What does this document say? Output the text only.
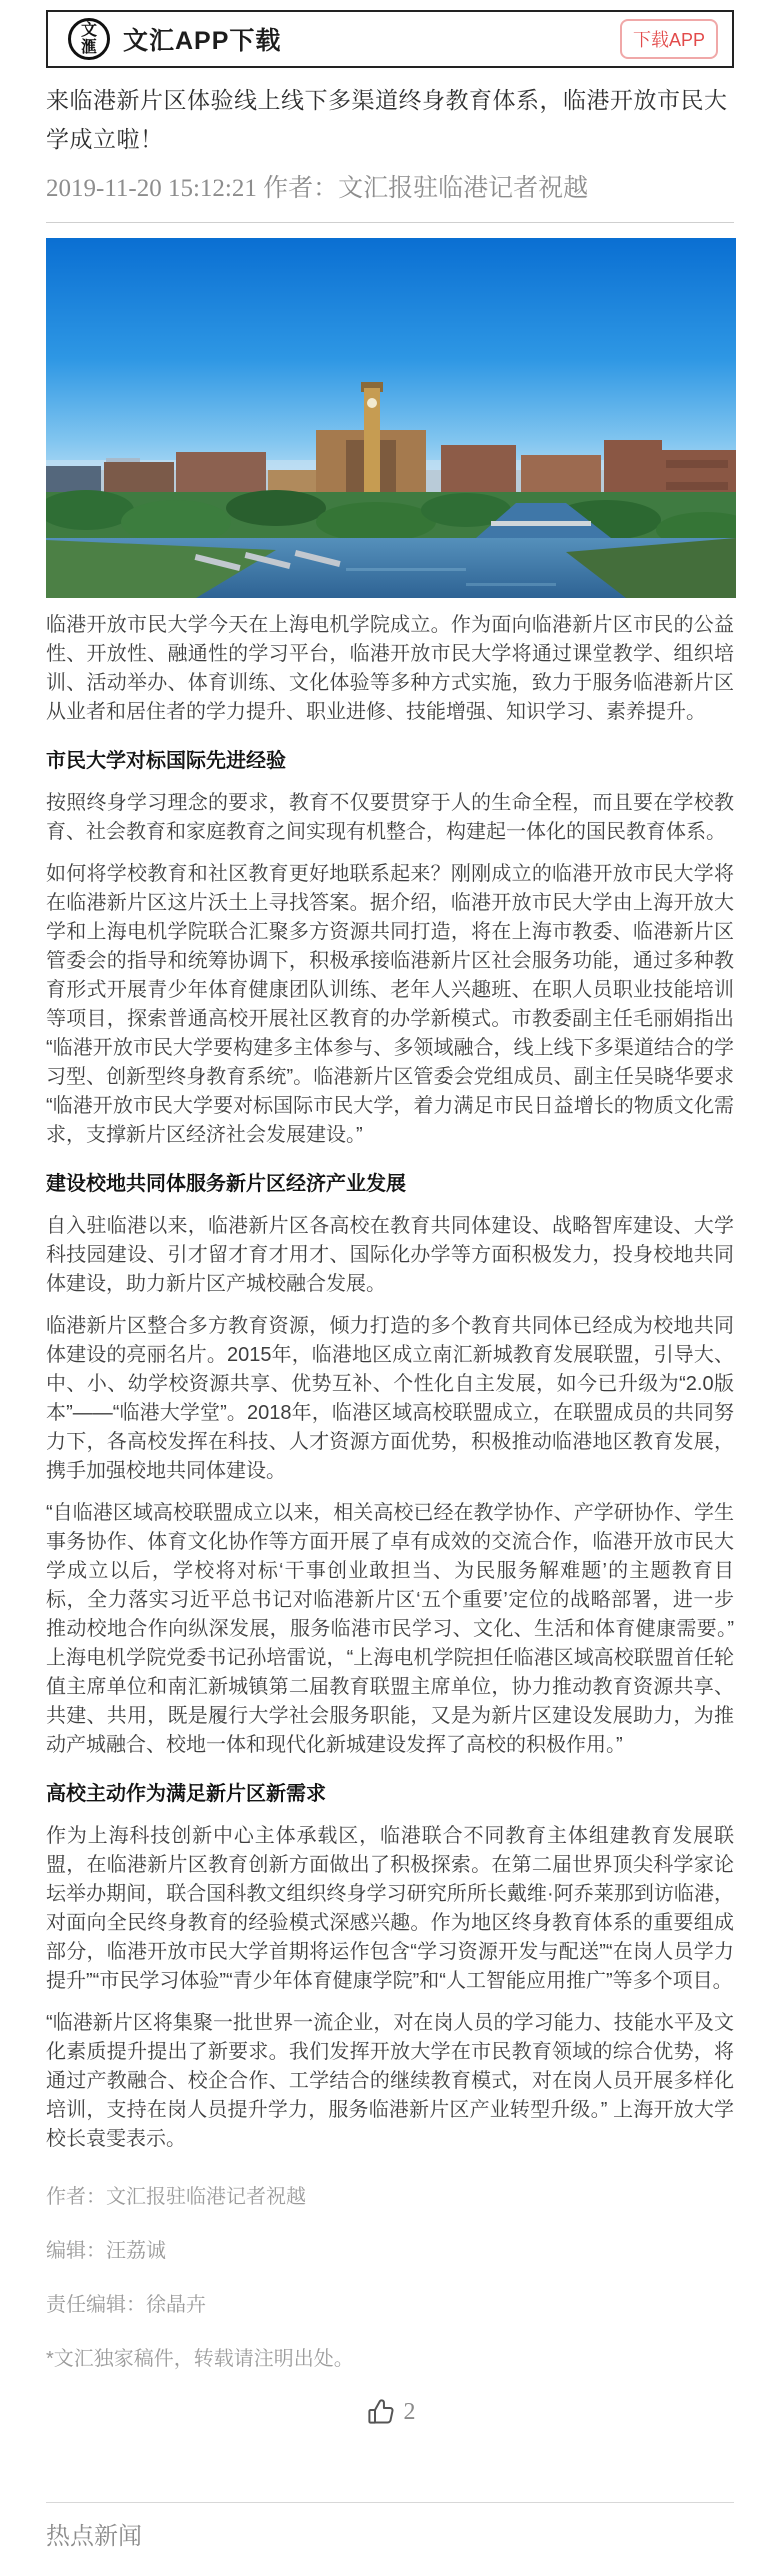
文
滙 文汇APP下载	下载APP
来临港新片区体验线上线下多渠道终身教育体系，临港开放市民大学成立啦！
2019-11-20 15:12:21 作者：文汇报驻临港记者祝越

临港开放市民大学今天在上海电机学院成立。作为面向临港新片区市民的公益性、开放性、融通性的学习平台，临港开放市民大学将通过课堂教学、组织培训、活动举办、体育训练、文化体验等多种方式实施，致力于服务临港新片区从业者和居住者的学力提升、职业进修、技能增强、知识学习、素养提升。

市民大学对标国际先进经验

按照终身学习理念的要求，教育不仅要贯穿于人的生命全程，而且要在学校教育、社会教育和家庭教育之间实现有机整合，构建起一体化的国民教育体系。

如何将学校教育和社区教育更好地联系起来？刚刚成立的临港开放市民大学将在临港新片区这片沃土上寻找答案。据介绍，临港开放市民大学由上海开放大学和上海电机学院联合汇聚多方资源共同打造，将在上海市教委、临港新片区管委会的指导和统筹协调下，积极承接临港新片区社会服务功能，通过多种教育形式开展青少年体育健康团队训练、老年人兴趣班、在职人员职业技能培训等项目，探索普通高校开展社区教育的办学新模式。市教委副主任毛丽娟指出“临港开放市民大学要构建多主体参与、多领域融合，线上线下多渠道结合的学习型、创新型终身教育系统”。临港新片区管委会党组成员、副主任吴晓华要求“临港开放市民大学要对标国际市民大学，着力满足市民日益增长的物质文化需求，支撑新片区经济社会发展建设。”

建设校地共同体服务新片区经济产业发展

自入驻临港以来，临港新片区各高校在教育共同体建设、战略智库建设、大学科技园建设、引才留才育才用才、国际化办学等方面积极发力，投身校地共同体建设，助力新片区产城校融合发展。

临港新片区整合多方教育资源，倾力打造的多个教育共同体已经成为校地共同体建设的亮丽名片。2015年，临港地区成立南汇新城教育发展联盟，引导大、中、小、幼学校资源共享、优势互补、个性化自主发展，如今已升级为“2.0版本”——“临港大学堂”。2018年，临港区域高校联盟成立，在联盟成员的共同努力下，各高校发挥在科技、人才资源方面优势，积极推动临港地区教育发展，携手加强校地共同体建设。

“自临港区域高校联盟成立以来，相关高校已经在教学协作、产学研协作、学生事务协作、体育文化协作等方面开展了卓有成效的交流合作，临港开放市民大学成立以后，学校将对标‘干事创业敢担当、为民服务解难题’的主题教育目标，全力落实习近平总书记对临港新片区‘五个重要’定位的战略部署，进一步推动校地合作向纵深发展，服务临港市民学习、文化、生活和体育健康需要。”上海电机学院党委书记孙培雷说，“上海电机学院担任临港区域高校联盟首任轮值主席单位和南汇新城镇第二届教育联盟主席单位，协力推动教育资源共享、共建、共用，既是履行大学社会服务职能，又是为新片区建设发展助力，为推动产城融合、校地一体和现代化新城建设发挥了高校的积极作用。”

高校主动作为满足新片区新需求

作为上海科技创新中心主体承载区，临港联合不同教育主体组建教育发展联盟，在临港新片区教育创新方面做出了积极探索。在第二届世界顶尖科学家论坛举办期间，联合国科教文组织终身学习研究所所长戴维·阿乔莱那到访临港，对面向全民终身教育的经验模式深感兴趣。作为地区终身教育体系的重要组成部分，临港开放市民大学首期将运作包含“学习资源开发与配送”“在岗人员学力提升”“市民学习体验”“青少年体育健康学院”和“人工智能应用推广”等多个项目。

“临港新片区将集聚一批世界一流企业，对在岗人员的学习能力、技能水平及文化素质提升提出了新要求。我们发挥开放大学在市民教育领域的综合优势，将通过产教融合、校企合作、工学结合的继续教育模式，对在岗人员开展多样化培训，支持在岗人员提升学力，服务临港新片区产业转型升级。” 上海开放大学校长袁雯表示。

作者：文汇报驻临港记者祝越
编辑：汪荔诚
责任编辑：徐晶卉
*文汇独家稿件，转载请注明出处。
2
热点新闻
